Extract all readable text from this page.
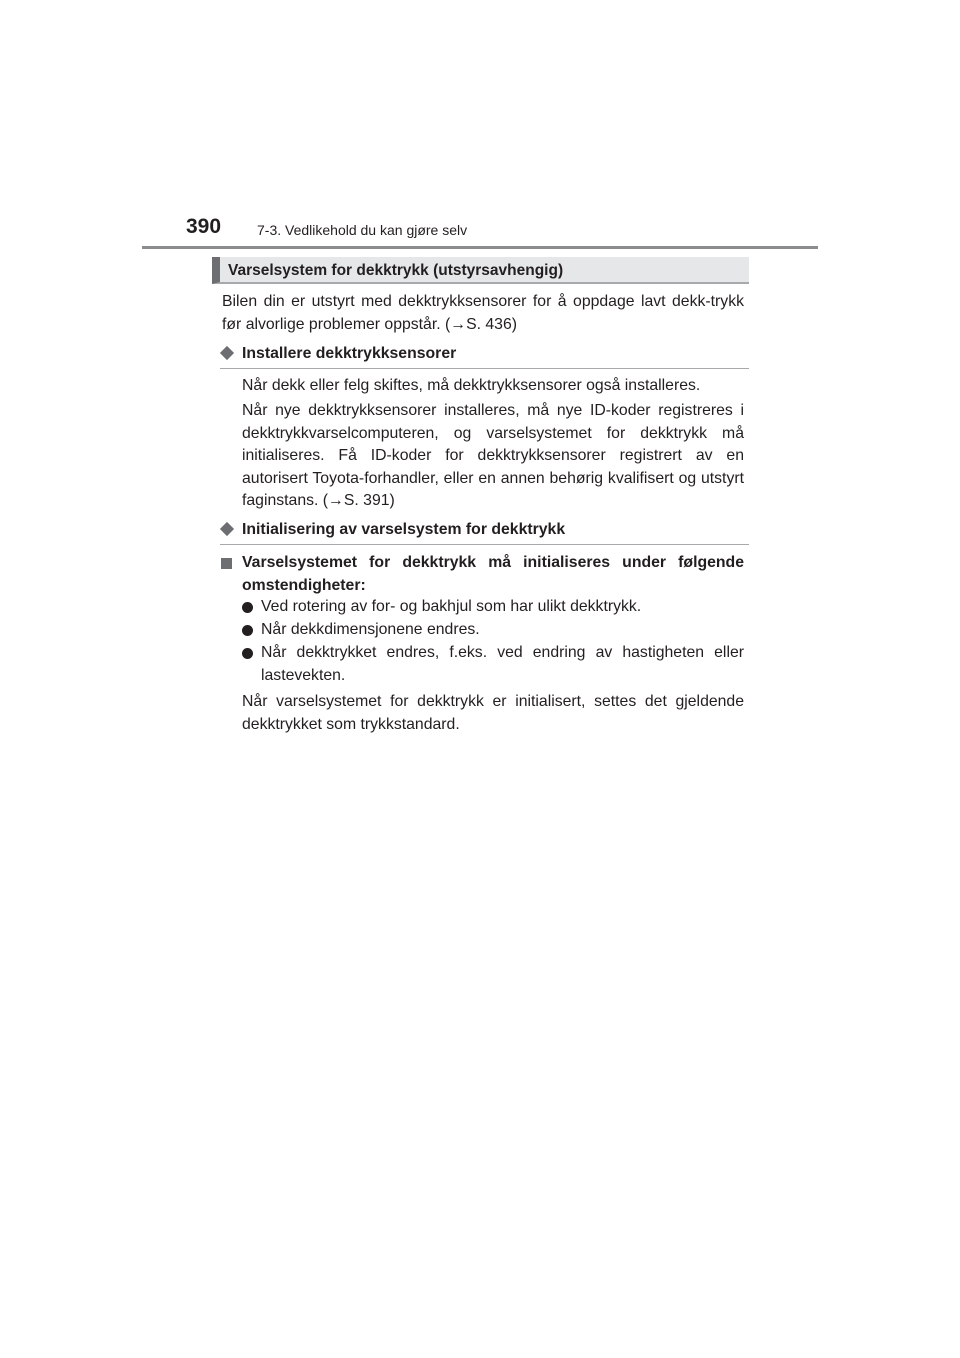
390	7-3. Vedlikehold du kan gjøre selv
Varselsystem for dekktrykk (utstyrsavhengig)

Bilen din er utstyrt med dekktrykksensorer for å oppdage lavt dekk-trykk før alvorlige problemer oppstår. (→S. 436)

Installere dekktrykksensorer

Når dekk eller felg skiftes, må dekktrykksensorer også installeres.

Når nye dekktrykksensorer installeres, må nye ID-koder registreres i dekktrykkvarselcomputeren, og varselsystemet for dekktrykk må initialiseres. Få ID-koder for dekktrykksensorer registrert av en autorisert Toyota-forhandler, eller en annen behørig kvalifisert og utstyrt faginstans. (→S. 391)

Initialisering av varselsystem for dekktrykk

Varselsystemet for dekktrykk må initialiseres under følgende omstendigheter:

Ved rotering av for- og bakhjul som har ulikt dekktrykk.

Når dekkdimensjonene endres.

Når dekktrykket endres, f.eks. ved endring av hastigheten eller lastevekten.

Når varselsystemet for dekktrykk er initialisert, settes det gjeldende dekktrykket som trykkstandard.
